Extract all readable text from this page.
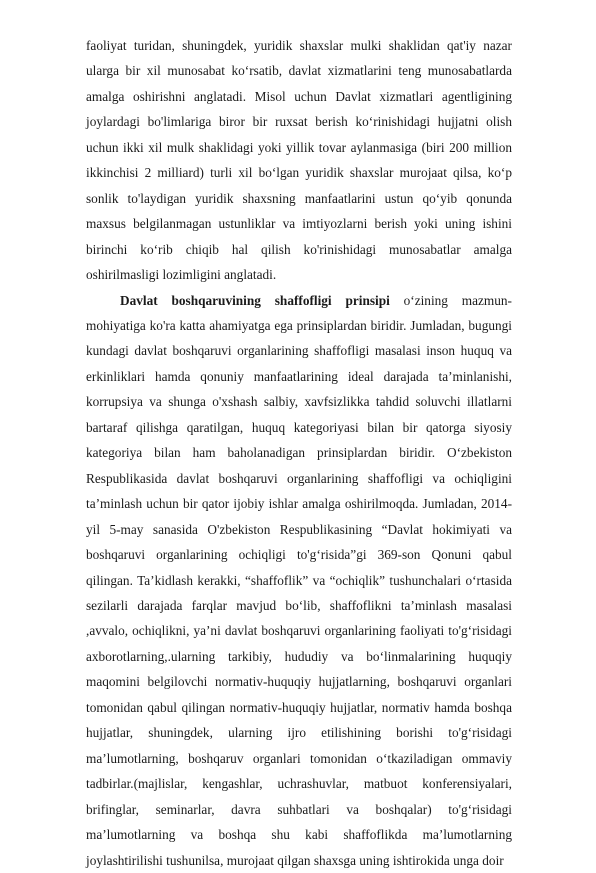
faoliyat turidan, shuningdek, yuridik shaxslar mulki shaklidan qat'iy nazar ularga bir xil munosabat ko‘rsatib, davlat xizmatlarini teng munosabatlarda amalga oshirishni anglatadi. Misol uchun Davlat xizmatlari agentligining joylardagi bo'limlariga biror bir ruxsat berish ko‘rinishidagi hujjatni olish uchun ikki xil mulk shaklidagi yoki yillik tovar aylanmasiga (biri 200 million ikkinchisi 2 milliard) turli xil bo‘lgan yuridik shaxslar murojaat qilsa, ko‘p sonlik to'laydigan yuridik shaxsning manfaatlarini ustun qo‘yib qonunda maxsus belgilanmagan ustunliklar va imtiyozlarni berish yoki uning ishini birinchi ko‘rib chiqib hal qilish ko'rinishidagi munosabatlar amalga oshirilmasligi lozimligini anglatadi.

Davlat boshqaruvining shaffofligi prinsipi o‘zining mazmun-mohiyatiga ko'ra katta ahamiyatga ega prinsiplardan biridir. Jumladan, bugungi kundagi davlat boshqaruvi organlarining shaffofligi masalasi inson huquq va erkinliklari hamda qonuniy manfaatlarining ideal darajada ta’minlanishi, korrupsiya va shunga o'xshash salbiy, xavfsizlikka tahdid soluvchi illatlarni bartaraf qilishga qaratilgan, huquq kategoriyasi bilan bir qatorga siyosiy kategoriya bilan ham baholanadigan prinsiplardan biridir. O‘zbekiston Respublikasida davlat boshqaruvi organlarining shaffofligi va ochiqligini ta’minlash uchun bir qator ijobiy ishlar amalga oshirilmoqda. Jumladan, 2014-yil 5-may sanasida O'zbekiston Respublikasining “Davlat hokimiyati va boshqaruvi organlarining ochiqligi to'g‘risida”gi 369-son Qonuni qabul qilingan. Ta’kidlash kerakki, “shaffoflik” va “ochiqlik” tushunchalari o‘rtasida sezilarli darajada farqlar mavjud bo‘lib, shaffoflikni ta’minlash masalasi ,avvalo, ochiqlikni, ya’ni davlat boshqaruvi organlarining faoliyati to'g‘risidagi axborotlarning,.ularning tarkibiy, hududiy va bo‘linmalarining huquqiy maqomini belgilovchi normativ-huquqiy hujjatlarning, boshqaruvi organlari tomonidan qabul qilingan normativ-huquqiy hujjatlar, normativ hamda boshqa hujjatlar, shuningdek, ularning ijro etilishining borishi to'g‘risidagi ma’lumotlarning, boshqaruv organlari tomonidan o‘tkaziladigan ommaviy tadbirlar.(majlislar, kengashlar, uchrashuvlar, matbuot konferensiyalari, brifinglar, seminarlar, davra suhbatlari va boshqalar) to'g‘risidagi ma’lumotlarning va boshqa shu kabi shaffoflikda ma’lumotlarning joylashtirilishi tushunilsa, murojaat qilgan shaxsga uning ishtirokida unga doir
